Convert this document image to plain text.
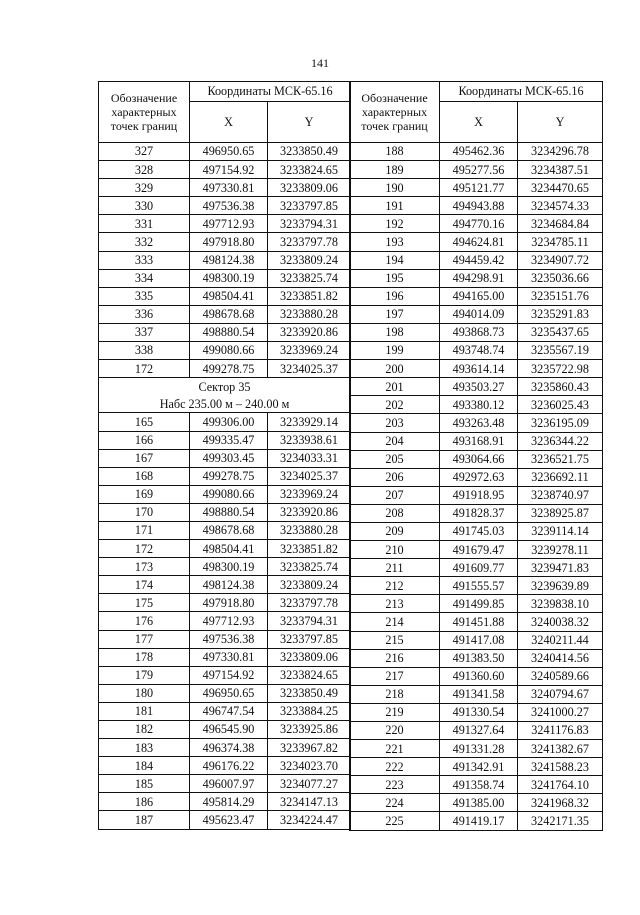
141
Обозначение
характерных
точек границ	Координаты МСК-65.16	
	X	Y
327	496950.65	3233850.49
328	497154.92	3233824.65
329	497330.81	3233809.06
330	497536.38	3233797.85
331	497712.93	3233794.31
332	497918.80	3233797.78
333	498124.38	3233809.24
334	498300.19	3233825.74
335	498504.41	3233851.82
336	498678.68	3233880.28
337	498880.54	3233920.86
338	499080.66	3233969.24
172	499278.75	3234025.37
Сектор 35		
Набс 235.00 м – 240.00 м		
165	499306.00	3233929.14
166	499335.47	3233938.61
167	499303.45	3234033.31
168	499278.75	3234025.37
169	499080.66	3233969.24
170	498880.54	3233920.86
171	498678.68	3233880.28
172	498504.41	3233851.82
173	498300.19	3233825.74
174	498124.38	3233809.24
175	497918.80	3233797.78
176	497712.93	3233794.31
177	497536.38	3233797.85
178	497330.81	3233809.06
179	497154.92	3233824.65
180	496950.65	3233850.49
181	496747.54	3233884.25
182	496545.90	3233925.86
183	496374.38	3233967.82
184	496176.22	3234023.70
185	496007.97	3234077.27
186	495814.29	3234147.13
187	495623.47	3234224.47
Обозначение
характерных
точек границ	Координаты МСК-65.16	
	X	Y
188	495462.36	3234296.78
189	495277.56	3234387.51
190	495121.77	3234470.65
191	494943.88	3234574.33
192	494770.16	3234684.84
193	494624.81	3234785.11
194	494459.42	3234907.72
195	494298.91	3235036.66
196	494165.00	3235151.76
197	494014.09	3235291.83
198	493868.73	3235437.65
199	493748.74	3235567.19
200	493614.14	3235722.98
201	493503.27	3235860.43
202	493380.12	3236025.43
203	493263.48	3236195.09
204	493168.91	3236344.22
205	493064.66	3236521.75
206	492972.63	3236692.11
207	491918.95	3238740.97
208	491828.37	3238925.87
209	491745.03	3239114.14
210	491679.47	3239278.11
211	491609.77	3239471.83
212	491555.57	3239639.89
213	491499.85	3239838.10
214	491451.88	3240038.32
215	491417.08	3240211.44
216	491383.50	3240414.56
217	491360.60	3240589.66
218	491341.58	3240794.67
219	491330.54	3241000.27
220	491327.64	3241176.83
221	491331.28	3241382.67
222	491342.91	3241588.23
223	491358.74	3241764.10
224	491385.00	3241968.32
225	491419.17	3242171.35
